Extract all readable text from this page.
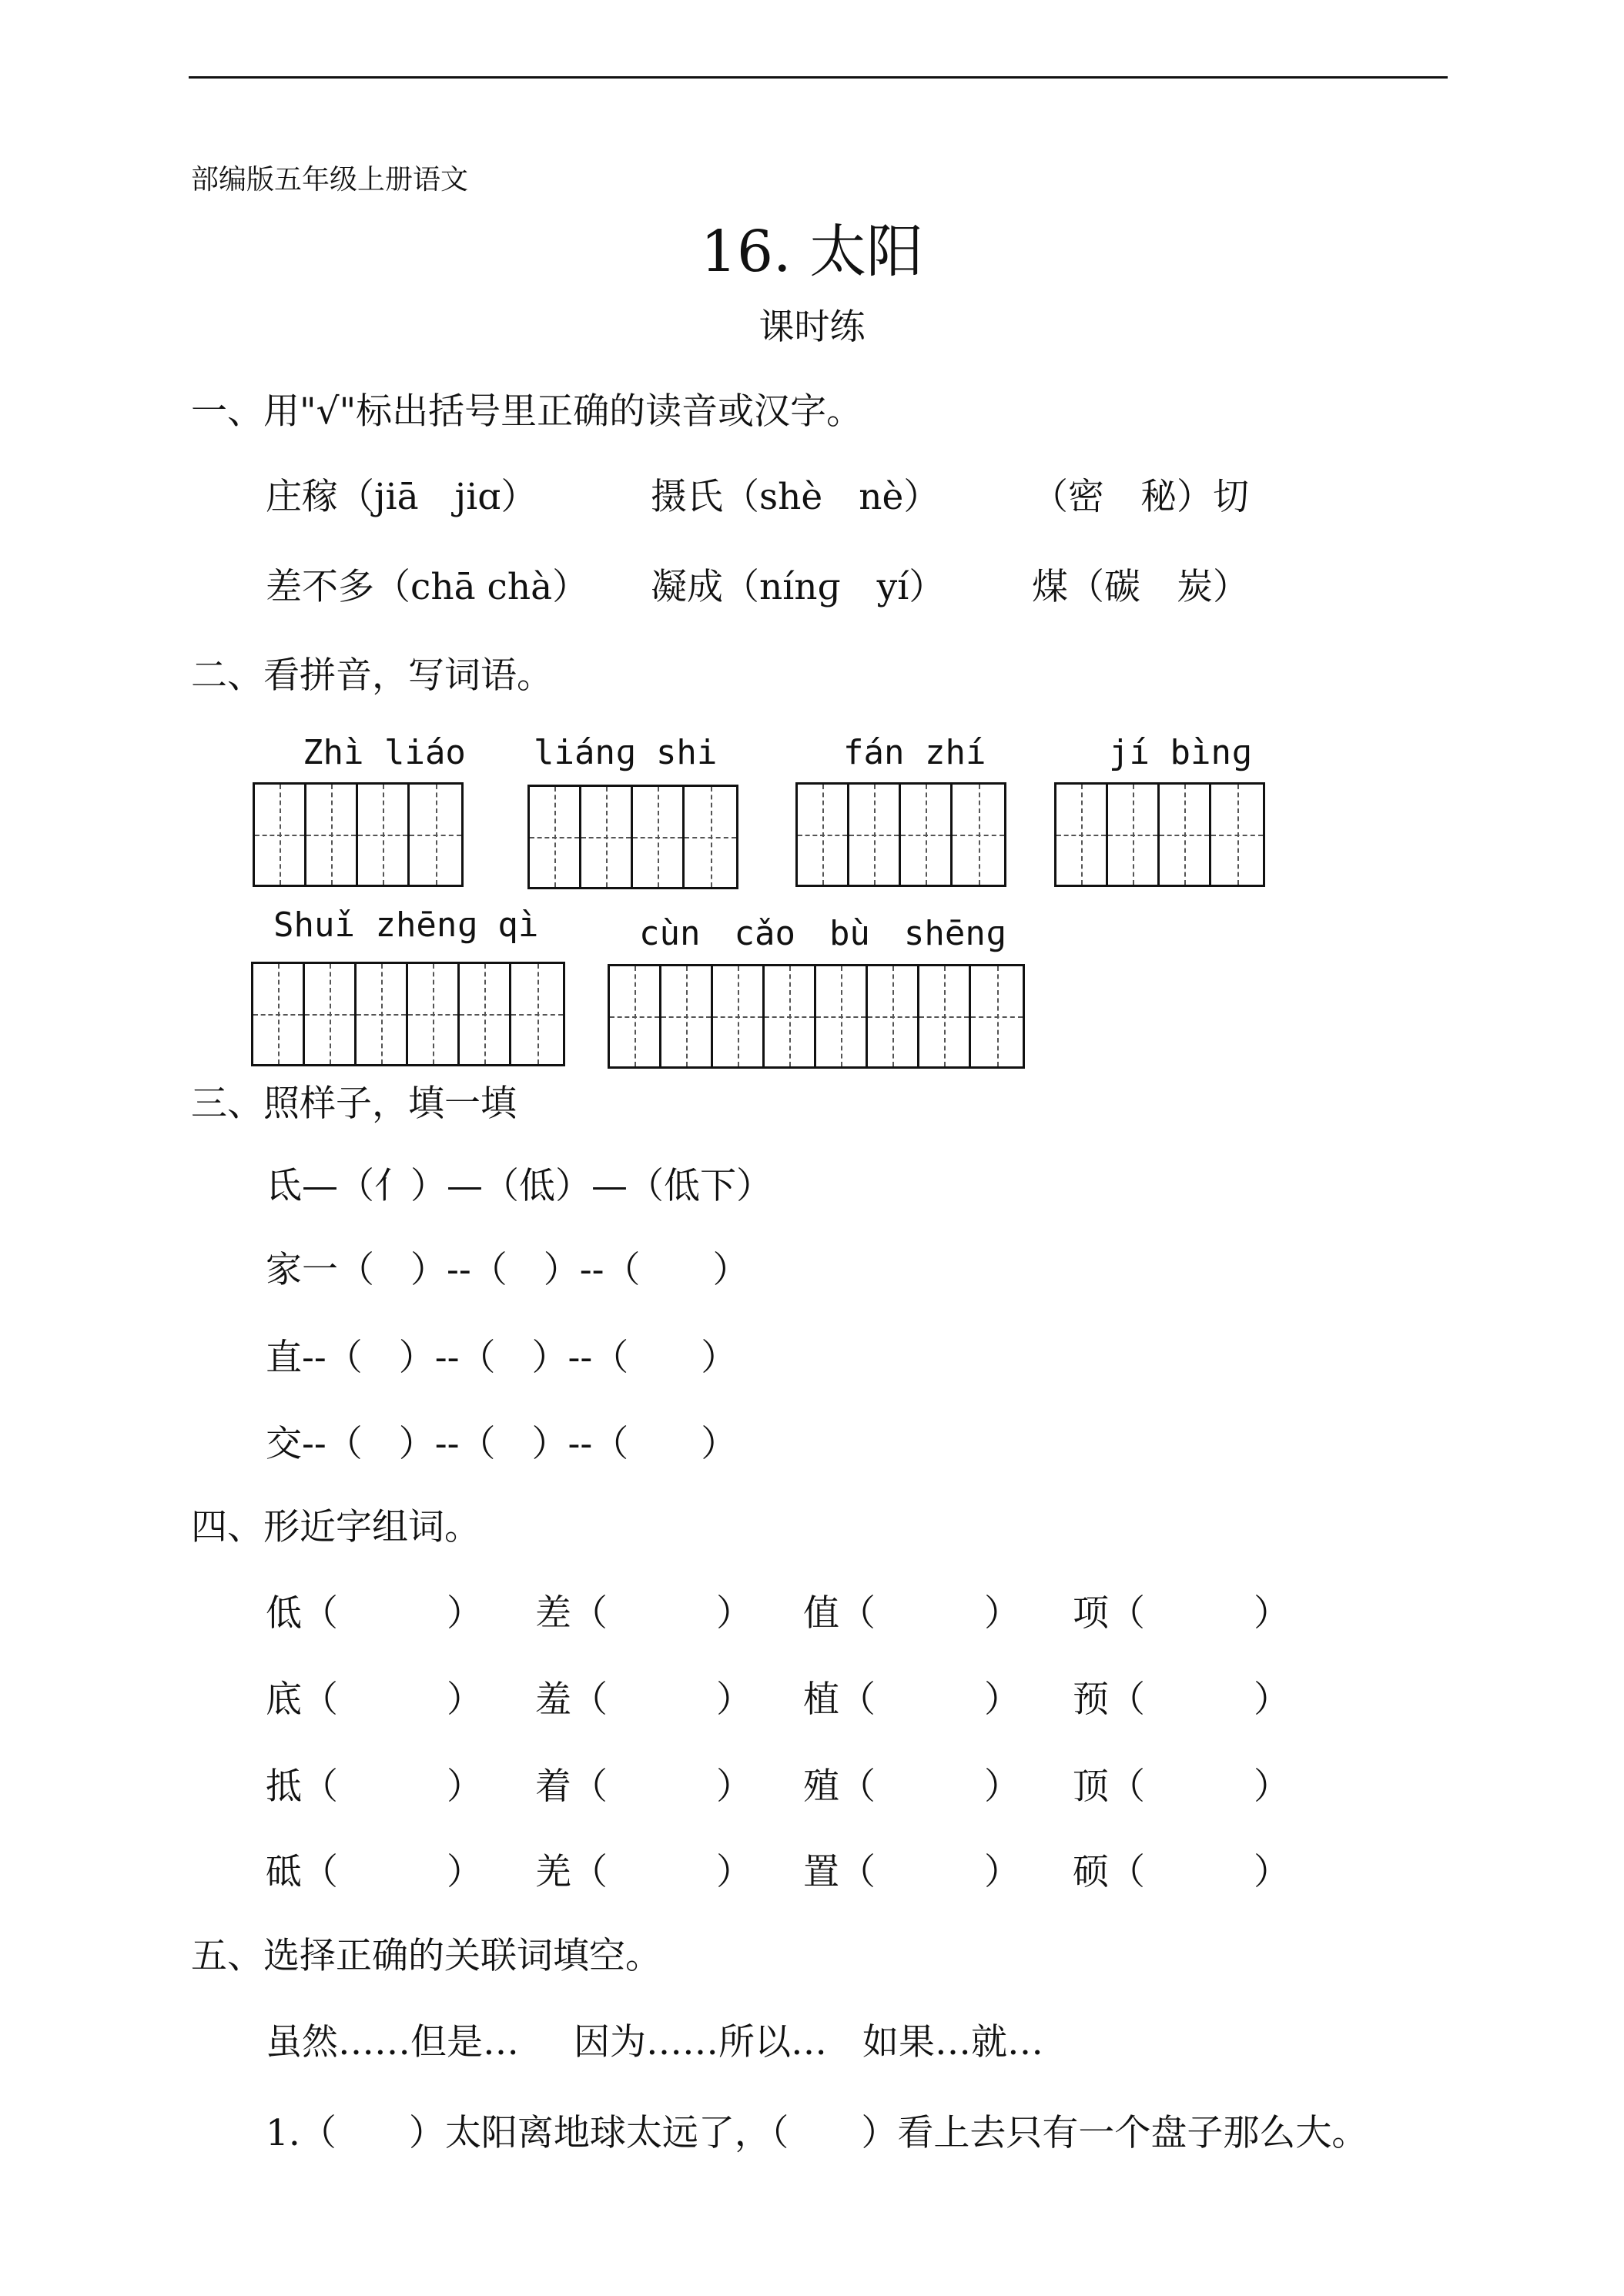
部编版五年级上册语文
16. 太阳
课时练
一、用"√"标出括号里正确的读音或汉字。
庄稼（jiā　jiɑ）	摄氏（shè　nè）	（密　秘）切
差不多（chā chà） 凝成（nínɡ　yí） 煤（碳　炭）
二、看拼音，写词语。
Zhì liáo liánɡ shi	fán zhí	jí bìnɡ
Shuǐ zhēnɡ qì	cùn　cǎo　bù　shēnɡ
三、照样子，填一填
氐—（亻）—（低）—（低下）
家一（　）--（　）--（　　）
直--（　）--（　）--（　　）
交--（　）--（　）--（　　）
四、形近字组词。
低（　　　） 差（　　　） 值（　　　） 项（　　　）
底（　　　） 羞（　　　） 植（　　　） 预（　　　）
抵（　　　） 着（　　　） 殖（　　　） 顶（　　　）
砥（　　　） 羌（　　　） 置（　　　） 硕（　　　）
五、选择正确的关联词填空。
虽然……但是… 因为……所以… 如果…就…
1.（　　）太阳离地球太远了，（　　）看上去只有一个盘子那么大。
